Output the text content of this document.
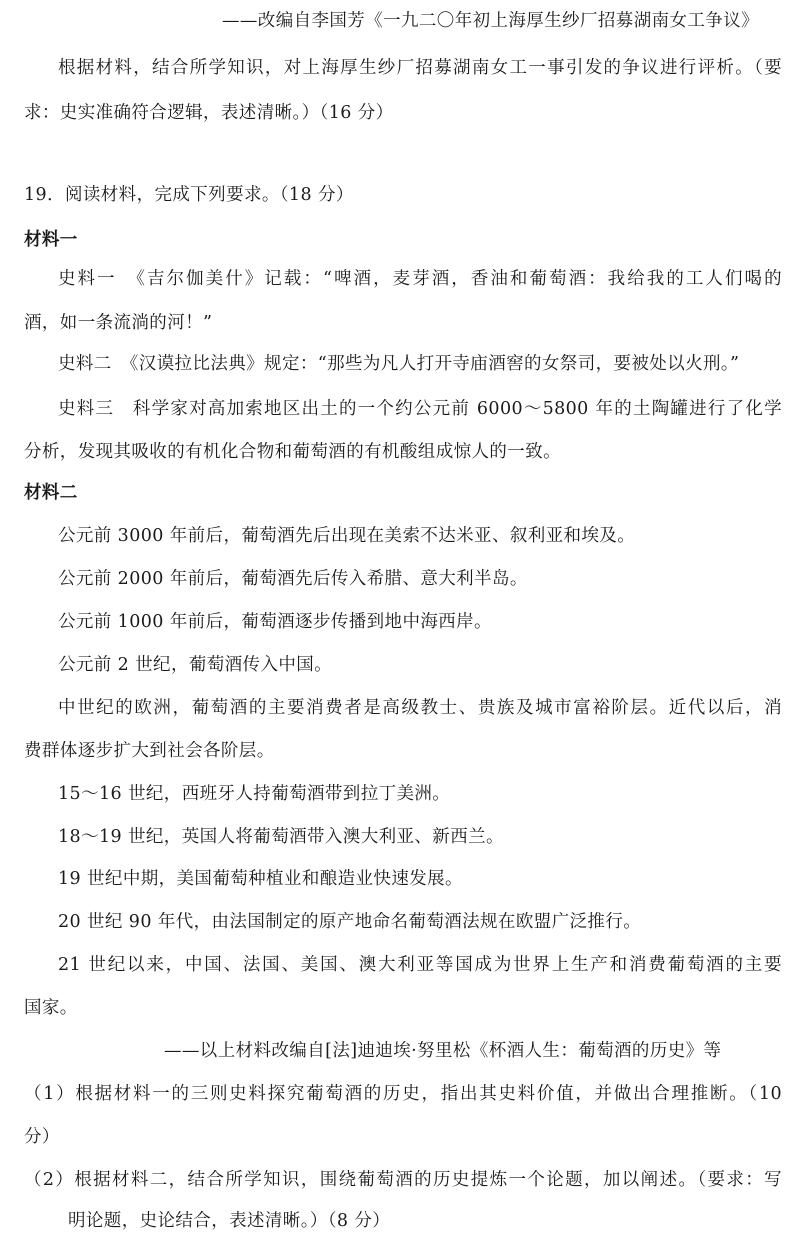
——改编自李国芳《一九二〇年初上海厚生纱厂招募湖南女工争议》
根据材料，结合所学知识，对上海厚生纱厂招募湖南女工一事引发的争议进行评析。（要
求：史实准确符合逻辑，表述清晰。）（16 分）
19．阅读材料，完成下列要求。（18 分）
材料一
史料一　《吉尔伽美什》记载：“啤酒，麦芽酒，香油和葡萄酒：我给我的工人们喝的
酒，如一条流淌的河！”
史料二　《汉谟拉比法典》规定：“那些为凡人打开寺庙酒窖的女祭司，要被处以火刑。”
史料三　科学家对高加索地区出土的一个约公元前 6000～5800 年的土陶罐进行了化学
分析，发现其吸收的有机化合物和葡萄酒的有机酸组成惊人的一致。
材料二
公元前 3000 年前后，葡萄酒先后出现在美索不达米亚、叙利亚和埃及。
公元前 2000 年前后，葡萄酒先后传入希腊、意大利半岛。
公元前 1000 年前后，葡萄酒逐步传播到地中海西岸。
公元前 2 世纪，葡萄酒传入中国。
中世纪的欧洲，葡萄酒的主要消费者是高级教士、贵族及城市富裕阶层。近代以后，消
费群体逐步扩大到社会各阶层。
15～16 世纪，西班牙人持葡萄酒带到拉丁美洲。
18～19 世纪，英国人将葡萄酒带入澳大利亚、新西兰。
19 世纪中期，美国葡萄种植业和酿造业快速发展。
20 世纪 90 年代，由法国制定的原产地命名葡萄酒法规在欧盟广泛推行。
21 世纪以来，中国、法国、美国、澳大利亚等国成为世界上生产和消费葡萄酒的主要
国家。
——以上材料改编自[法]迪迪埃·努里松《杯酒人生：葡萄酒的历史》等
（1）根据材料一的三则史料探究葡萄酒的历史，指出其史料价值，并做出合理推断。（10
分）
（2）根据材料二，结合所学知识，围绕葡萄酒的历史提炼一个论题，加以阐述。（要求：写
明论题，史论结合，表述清晰。）（8 分）
